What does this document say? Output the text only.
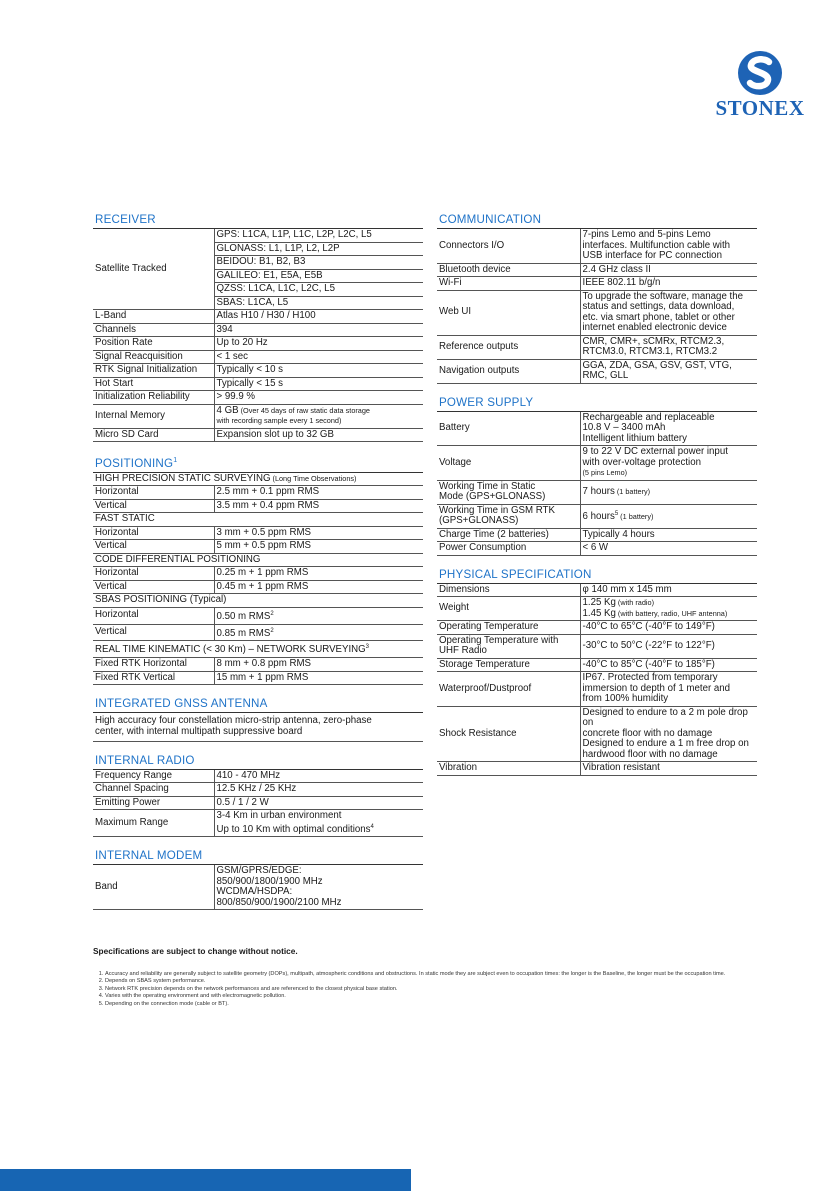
STONEX
RECEIVER
Satellite Tracked	GPS: L1CA, L1P, L1C, L2P, L2C, L5
	GLONASS: L1, L1P, L2, L2P
	BEIDOU: B1, B2, B3
	GALILEO: E1, E5A, E5B
	QZSS: L1CA, L1C, L2C, L5
	SBAS: L1CA, L5
L-Band	Atlas H10 / H30 / H100
Channels	394
Position Rate	Up to 20 Hz
Signal Reacquisition	< 1 sec
RTK Signal Initialization	Typically < 10 s
Hot Start	Typically < 15 s
Initialization Reliability	> 99.9 %
Internal Memory	4 GB (Over 45 days of raw static data storage
with recording sample every 1 second)
Micro SD Card	Expansion slot up to 32 GB
POSITIONING$^1$
HIGH PRECISION STATIC SURVEYING (Long Time Observations)	
Horizontal	2.5 mm + 0.1 ppm RMS
Vertical	3.5 mm + 0.4 ppm RMS
FAST STATIC	
Horizontal	3 mm + 0.5 ppm RMS
Vertical	5 mm + 0.5 ppm RMS
CODE DIFFERENTIAL POSITIONING	
Horizontal	0.25 m + 1 ppm RMS
Vertical	0.45 m + 1 ppm RMS
SBAS POSITIONING (Typical)	
Horizontal	0.50 m RMS$^2$
Vertical	0.85 m RMS$^2$
REAL TIME KINEMATIC (< 30 Km) – NETWORK SURVEYING$^3$
Fixed RTK Horizontal	8 mm + 0.8 ppm RMS
Fixed RTK Vertical	15 mm + 1 ppm RMS
INTEGRATED GNSS ANTENNA
High accuracy four constellation micro-strip antenna, zero-phase
center, with internal multipath suppressive board
INTERNAL RADIO
Frequency Range	410 - 470 MHz
Channel Spacing	12.5 KHz / 25 KHz
Emitting Power	0.5 / 1 / 2 W
Maximum Range	3-4 Km in urban environment
Up to 10 Km with optimal conditions$^4$
INTERNAL MODEM
Band	GSM/GPRS/EDGE:
850/900/1800/1900 MHz
WCDMA/HSDPA:
800/850/900/1900/2100 MHz
COMMUNICATION
Connectors I/O	7-pins Lemo and 5-pins Lemo
interfaces. Multifunction cable with
USB interface for PC connection
Bluetooth device	2.4 GHz class II
Wi-Fi	IEEE 802.11 b/g/n
Web UI	To upgrade the software, manage the
status and settings, data download,
etc. via smart phone, tablet or other
internet enabled electronic device
Reference outputs	CMR, CMR+, sCMRx, RTCM2.3,
RTCM3.0, RTCM3.1, RTCM3.2
Navigation outputs	GGA, ZDA, GSA, GSV, GST, VTG,
RMC, GLL
POWER SUPPLY
Battery	Rechargeable and replaceable
10.8 V – 3400 mAh
Intelligent lithium battery
Voltage	9 to 22 V DC external power input
with over-voltage protection
(5 pins Lemo)
Working Time in Static
Mode (GPS+GLONASS)	7 hours (1 battery)
Working Time in GSM RTK
(GPS+GLONASS)	6 hours$^5$ (1 battery)
Charge Time (2 batteries)	Typically 4 hours
Power Consumption	< 6 W
PHYSICAL SPECIFICATION
Dimensions	φ 140 mm x 145 mm
Weight	1.25 Kg (with radio)
1.45 Kg (with battery, radio, UHF antenna)
Operating Temperature	-40°C to 65°C (-40°F to 149°F)
Operating Temperature with
UHF Radio	-30°C to 50°C (-22°F to 122°F)
Storage Temperature	-40°C to 85°C (-40°F to 185°F)
Waterproof/Dustproof	IP67. Protected from temporary
immersion to depth of 1 meter and
from 100% humidity
Shock Resistance	Designed to endure to a 2 m pole drop on
concrete floor with no damage
Designed to endure a 1 m free drop on
hardwood floor with no damage
Vibration	Vibration resistant
Specifications are subject to change without notice.
1. Accuracy and reliability are generally subject to satellite geometry (DOPs), multipath, atmospheric conditions and obstructions. In static mode they are subject even to occupation times: the longer is the Baseline, the longer must be the occupation time.
2. Depends on SBAS system performance.
3. Network RTK precision depends on the network performances and are referenced to the closest physical base station.
4. Varies with the operating environment and with electromagnetic pollution.
5. Depending on the connection mode (cable or BT).
